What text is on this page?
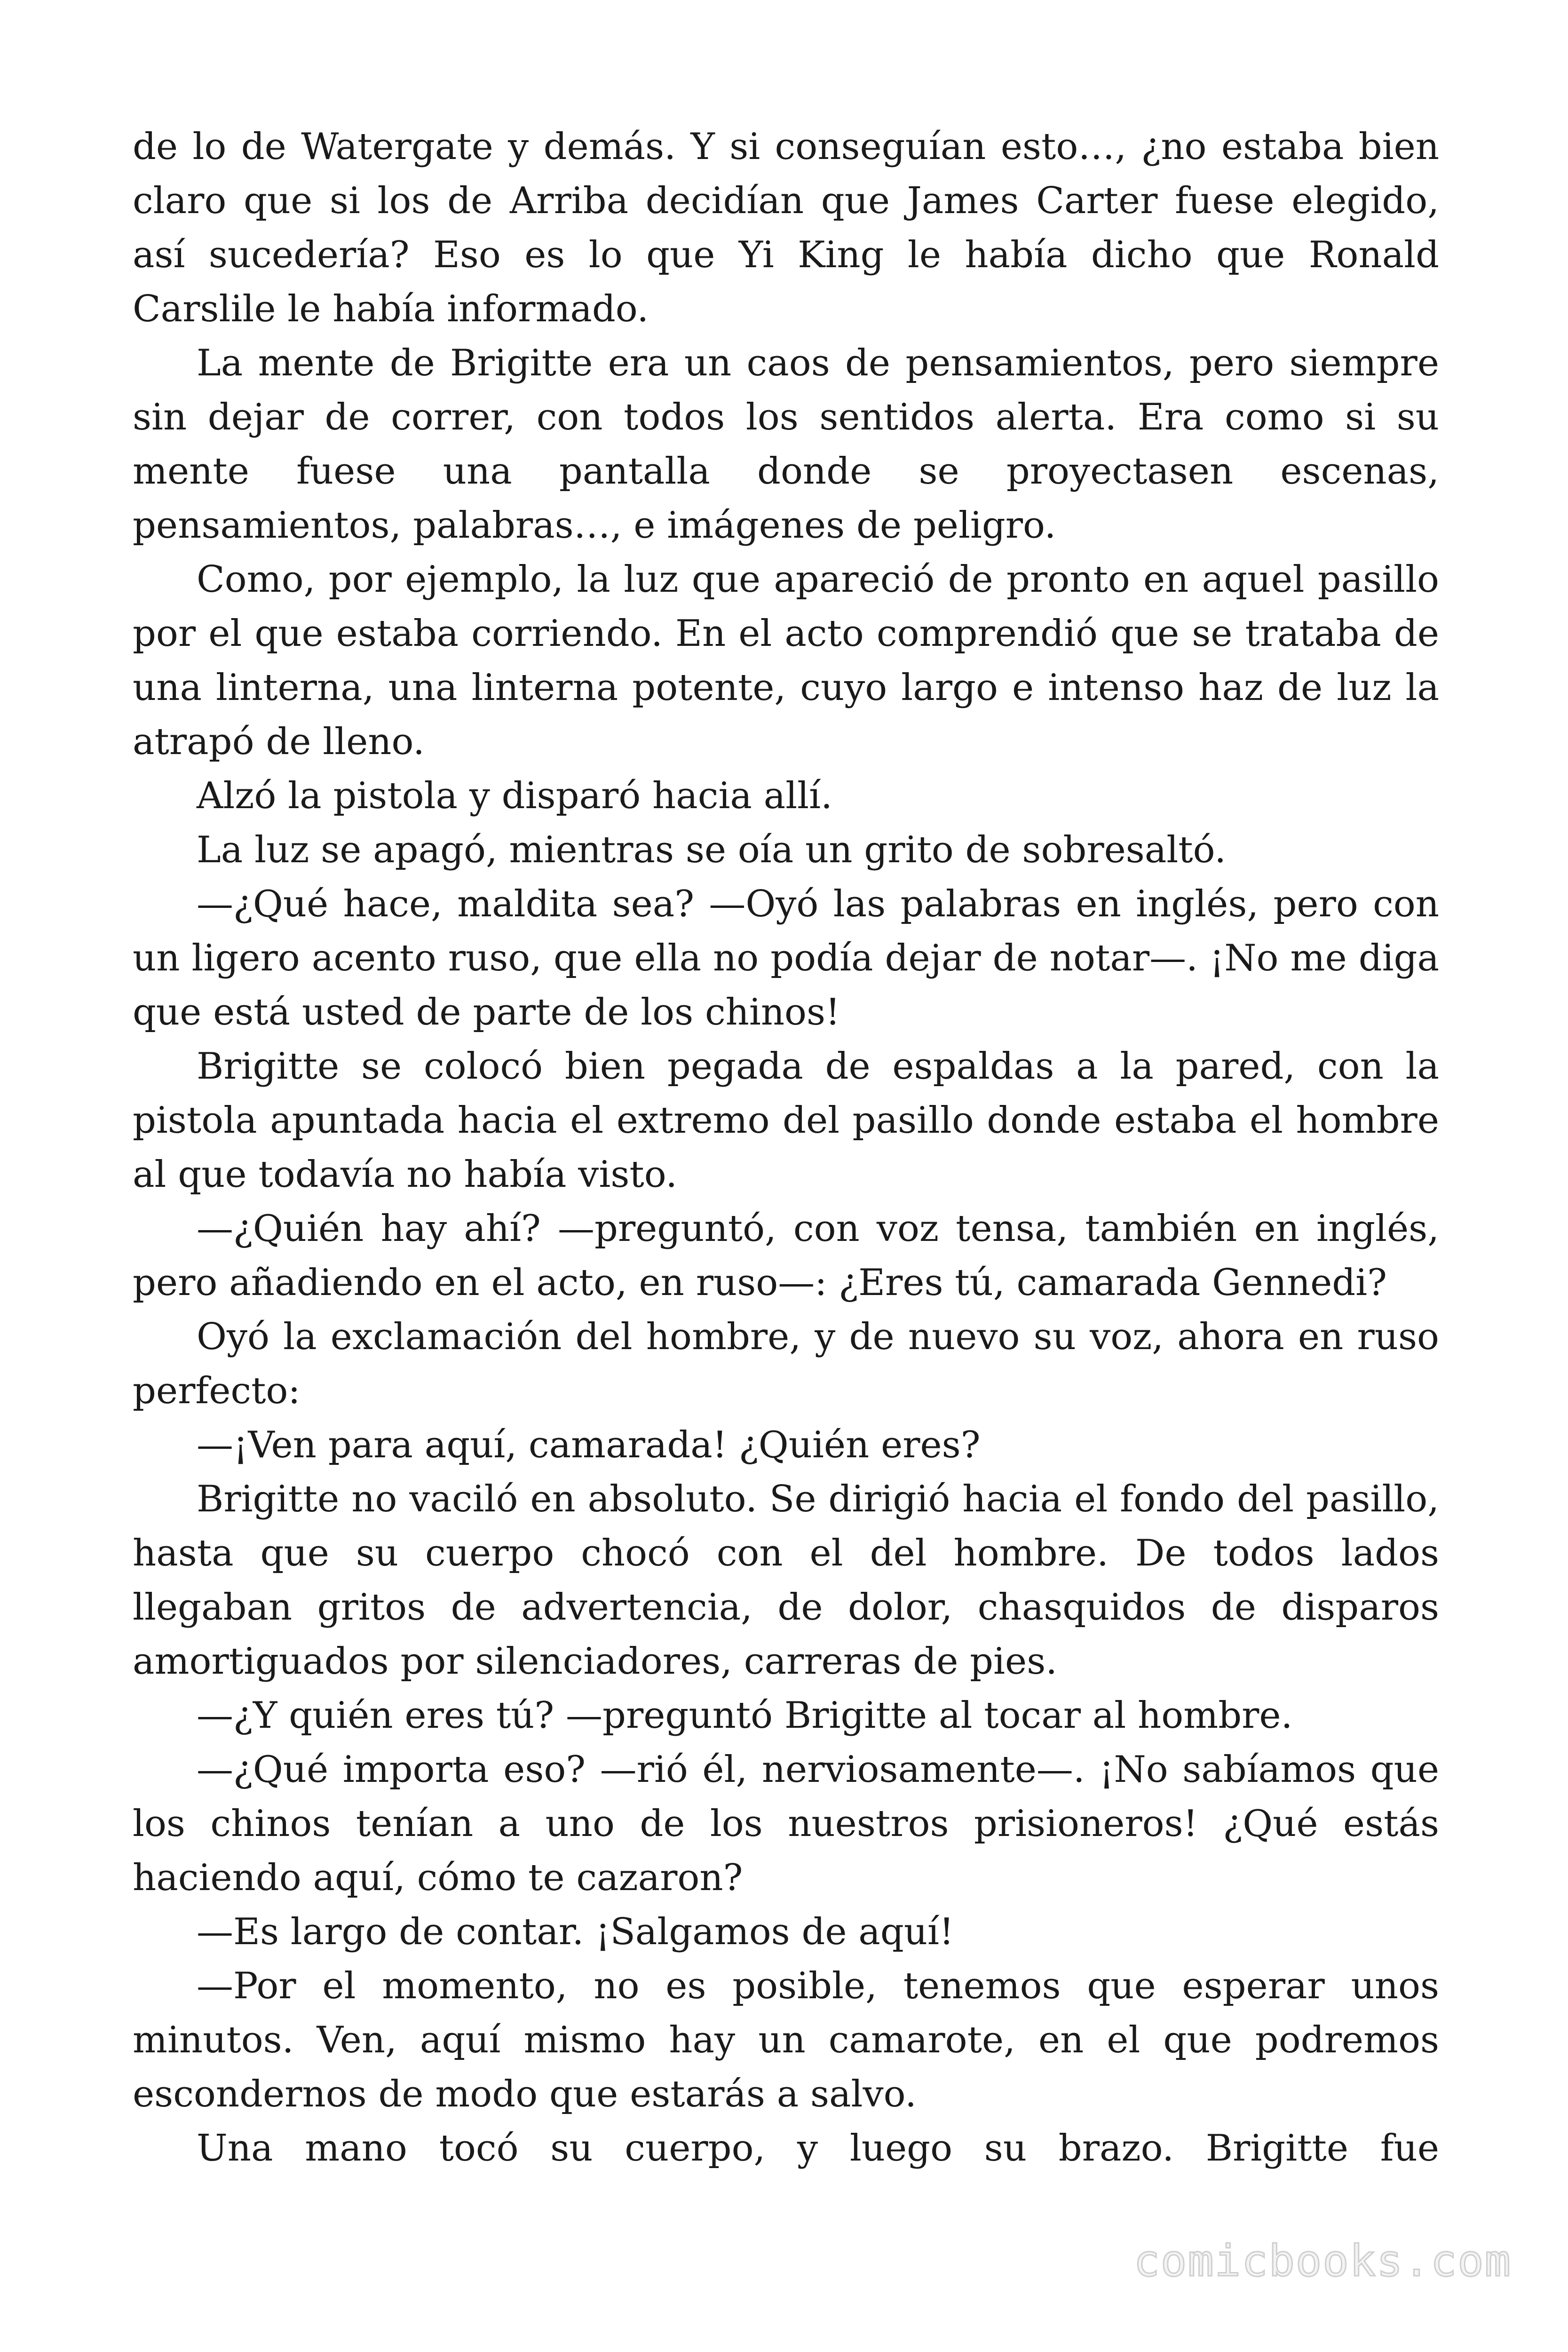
de lo de Watergate y demás. Y si conseguían esto…, ¿no estaba bien claro que si los de Arriba decidían que James Carter fuese elegido, así sucedería? Eso es lo que Yi King le había dicho que Ronald Carslile le había informado.

La mente de Brigitte era un caos de pensamientos, pero siempre sin dejar de correr, con todos los sentidos alerta. Era como si su mente fuese una pantalla donde se proyectasen escenas, pensamientos, palabras…, e imágenes de peligro.

Como, por ejemplo, la luz que apareció de pronto en aquel pasillo por el que estaba corriendo. En el acto comprendió que se trataba de una linterna, una linterna potente, cuyo largo e intenso haz de luz la atrapó de lleno.

Alzó la pistola y disparó hacia allí.

La luz se apagó, mientras se oía un grito de sobresaltó.

—¿Qué hace, maldita sea? —Oyó las palabras en inglés, pero con un ligero acento ruso, que ella no podía dejar de notar—. ¡No me diga que está usted de parte de los chinos!

Brigitte se colocó bien pegada de espaldas a la pared, con la pistola apuntada hacia el extremo del pasillo donde estaba el hombre al que todavía no había visto.

—¿Quién hay ahí? —preguntó, con voz tensa, también en inglés, pero añadiendo en el acto, en ruso—: ¿Eres tú, camarada Gennedi?

Oyó la exclamación del hombre, y de nuevo su voz, ahora en ruso perfecto:

—¡Ven para aquí, camarada! ¿Quién eres?

Brigitte no vaciló en absoluto. Se dirigió hacia el fondo del pasillo, hasta que su cuerpo chocó con el del hombre. De todos lados llegaban gritos de advertencia, de dolor, chasquidos de disparos amortiguados por silenciadores, carreras de pies.

—¿Y quién eres tú? —preguntó Brigitte al tocar al hombre.

—¿Qué importa eso? —rió él, nerviosamente—. ¡No sabíamos que los chinos tenían a uno de los nuestros prisioneros! ¿Qué estás haciendo aquí, cómo te cazaron?

—Es largo de contar. ¡Salgamos de aquí!

—Por el momento, no es posible, tenemos que esperar unos minutos. Ven, aquí mismo hay un camarote, en el que podremos escondernos de modo que estarás a salvo.

Una mano tocó su cuerpo, y luego su brazo. Brigitte fue

comicbooks.com
